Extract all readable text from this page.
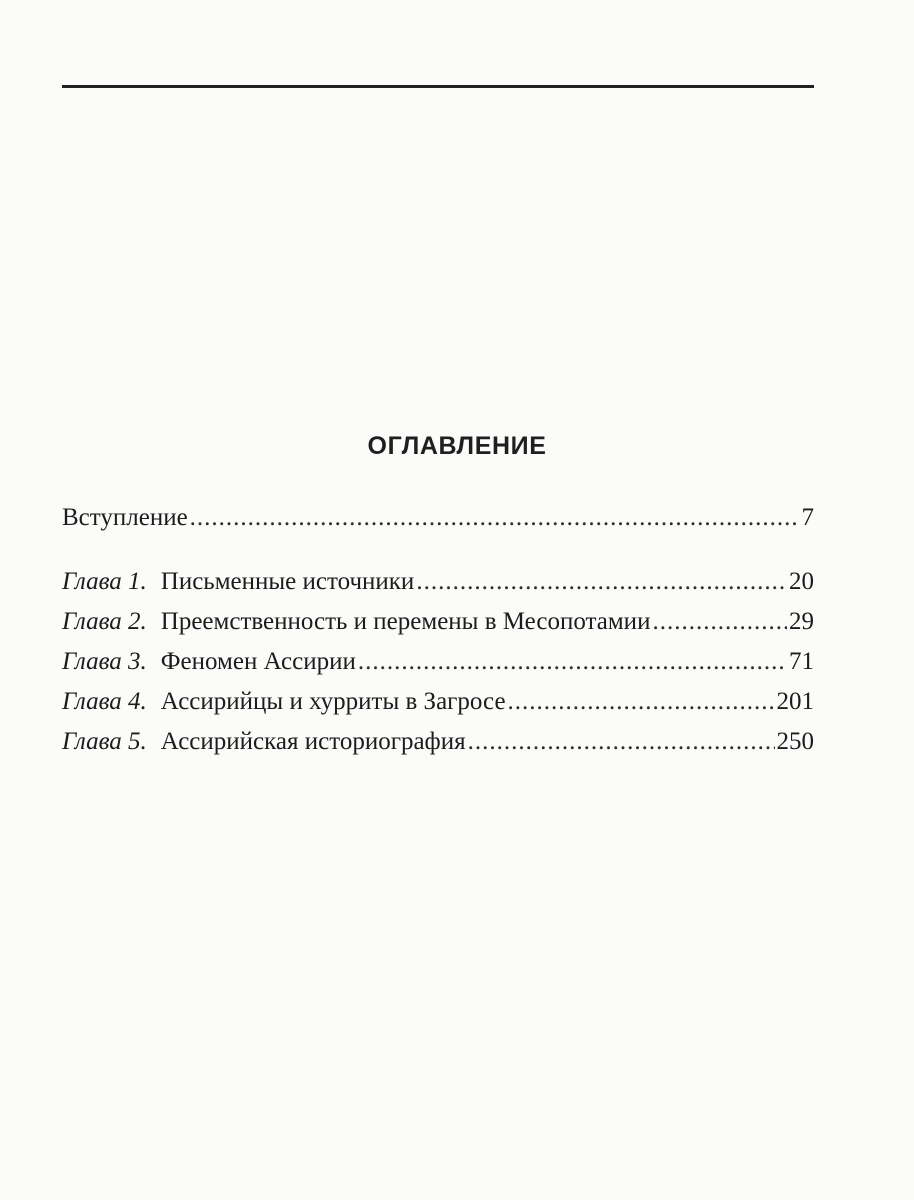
ОГЛАВЛЕНИЕ
Вступление .....	7
Глава 1. Письменные источники .....	20
Глава 2. Преемственность и перемены в Месопотамии .....	29
Глава 3. Феномен Ассирии .....	71
Глава 4. Ассирийцы и хурриты в Загросе .....	201
Глава 5. Ассирийская историография .....	250
